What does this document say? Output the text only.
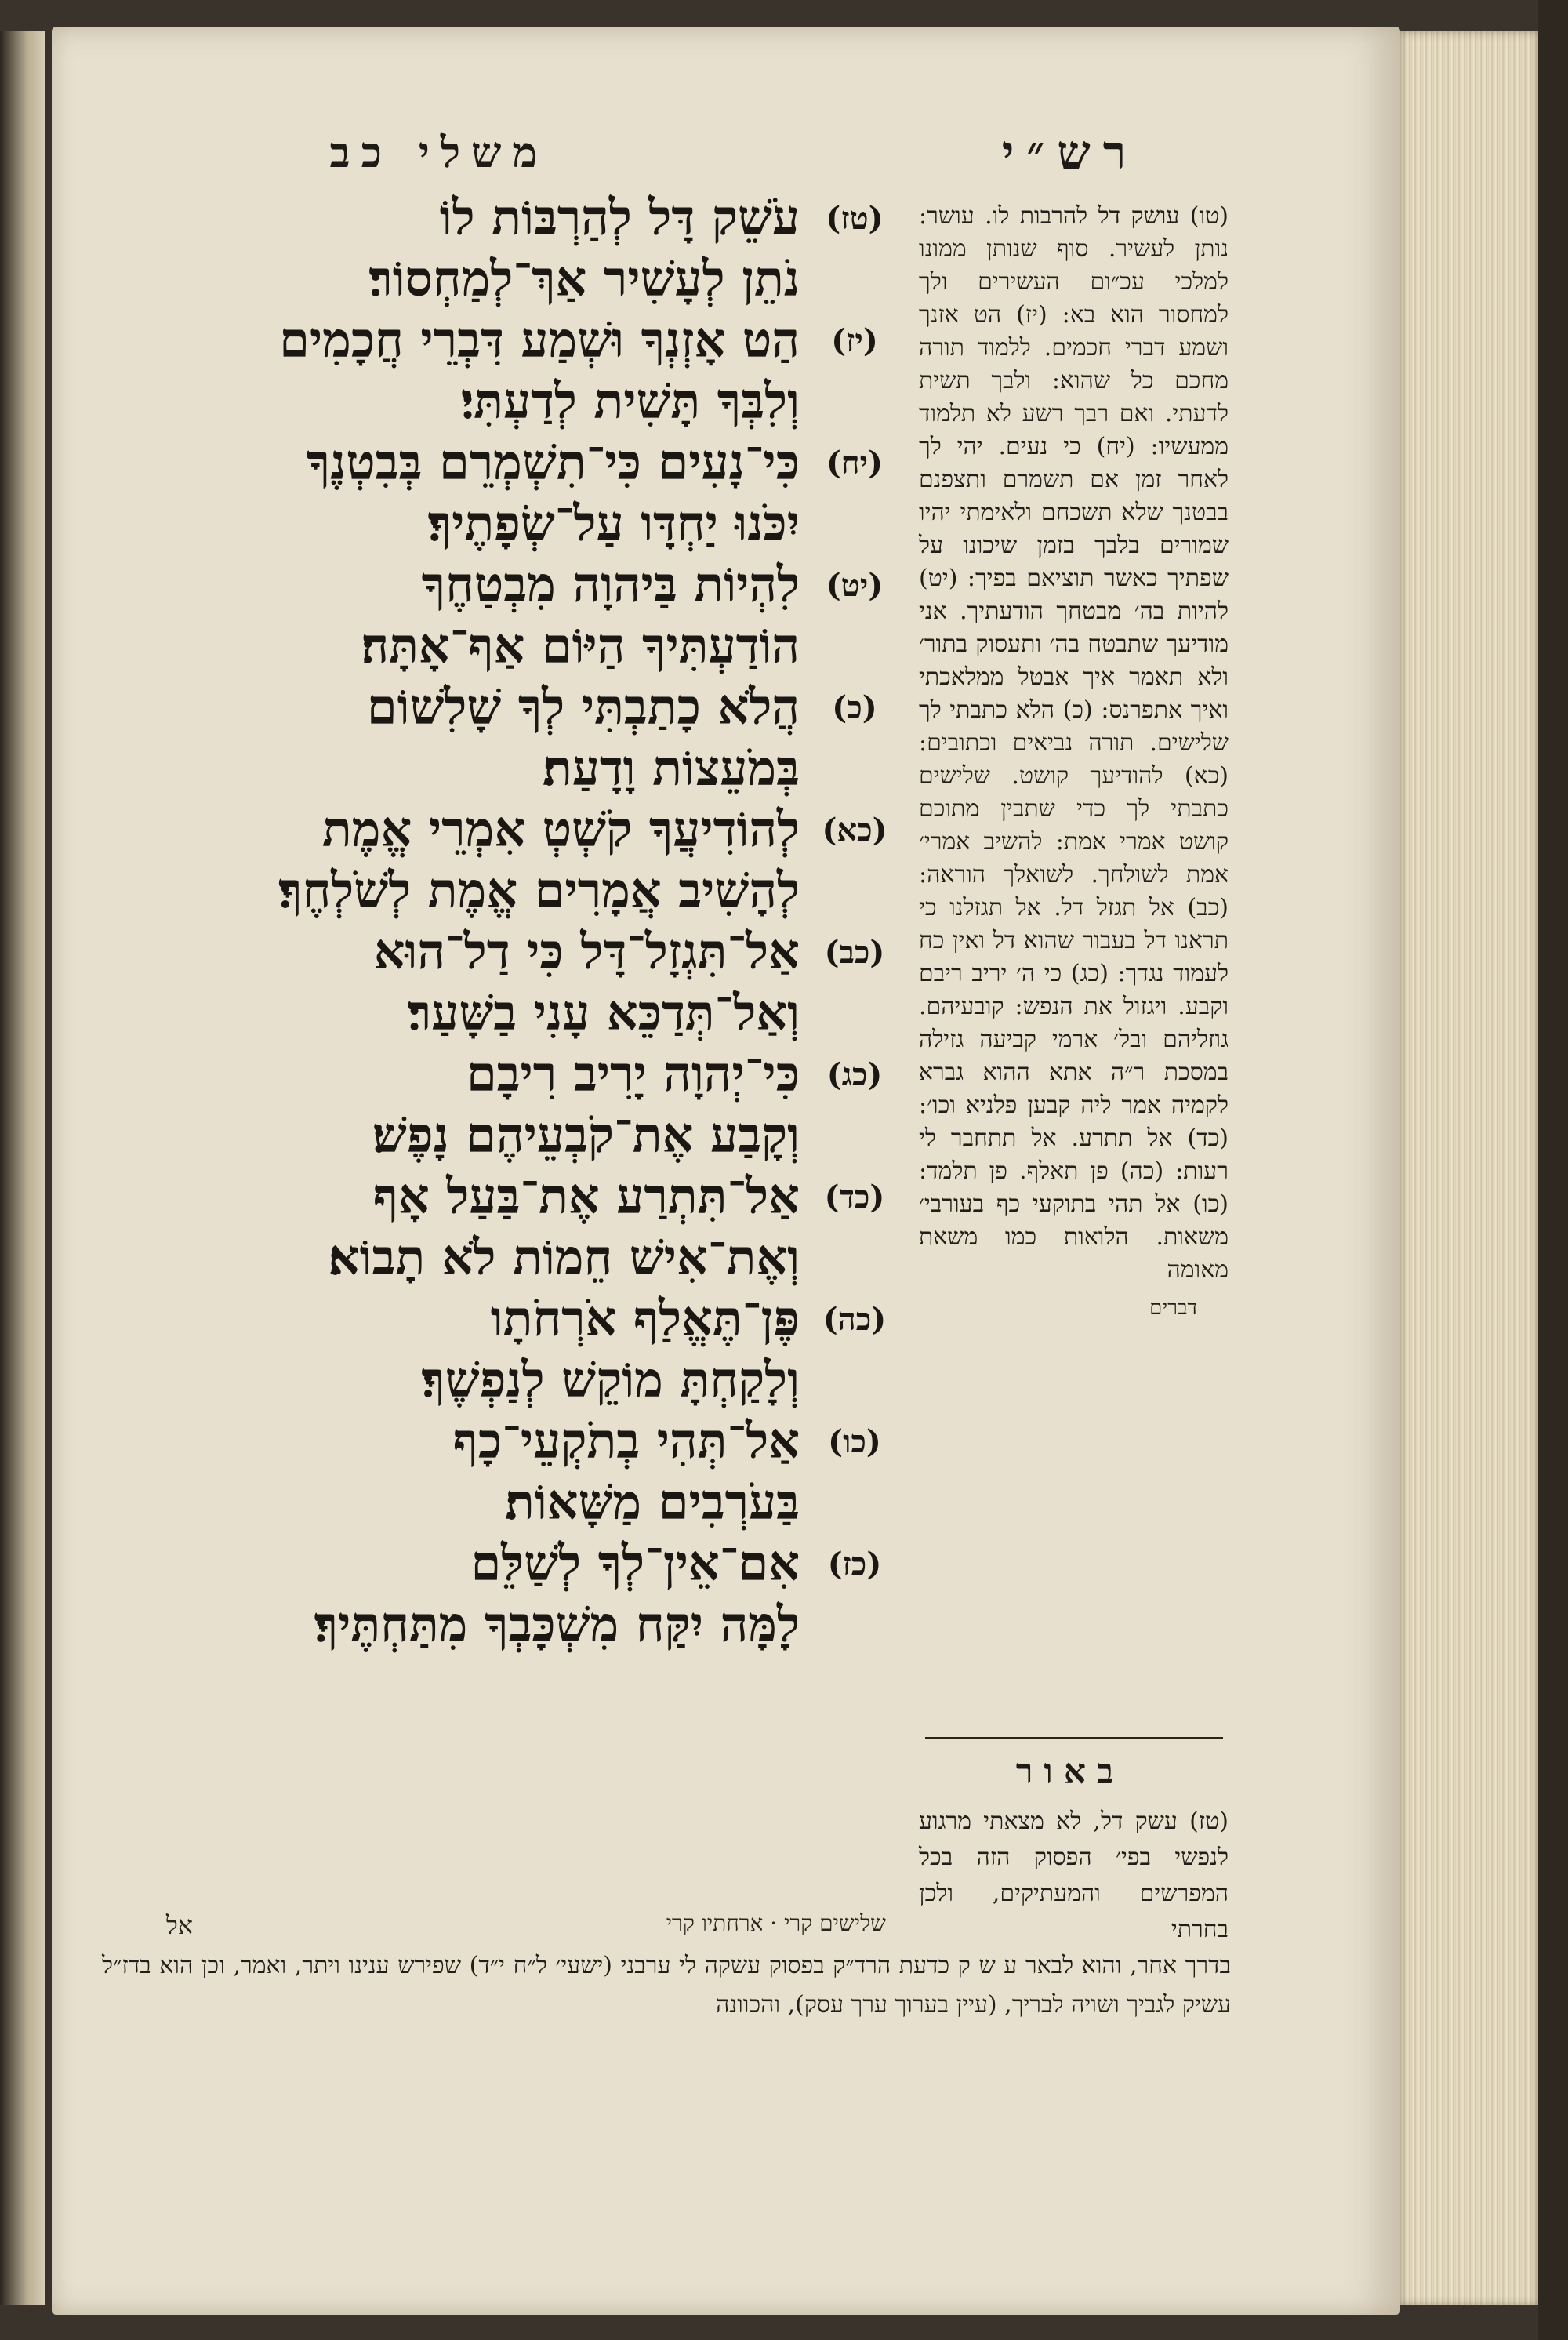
משלי כב	רש״י
(טז)
עֹשֵׁק דָּל לְהַרְבּוֹת לוֹ
נֹתֵן לְעָשִׁיר אַךְ־לְמַחְסוֹר׃
(יז)
הַט אָזְנְךָ וּשְׁמַע דִּבְרֵי חֲכָמִים
וְלִבְּךָ תָּשִׁית לְדַעְתִּי׃
(יח)
כִּי־נָעִים כִּי־תִשְׁמְרֵם בְּבִטְנֶךָ
יִכֹּנוּ יַחְדָּו עַל־שְׂפָתֶיךָ׃
(יט)
לִהְיוֹת בַּיהוָה מִבְטַחֶךָ
הוֹדַעְתִּיךָ הַיּוֹם אַף־אָתָּה׃
(כ)
הֲלֹא כָתַבְתִּי לְךָ שָׁלִשׁוֹם
בְּמֹעֵצוֹת וָדָעַת׃
(כא)
לְהוֹדִיעֲךָ קֹשְׁטְ אִמְרֵי אֱמֶת
לְהָשִׁיב אֲמָרִים אֱמֶת לְשֹׁלְחֶךָ׃
(כב)
אַל־תִּגְזָל־דָּל כִּי דַל־הוּא
וְאַל־תְּדַכֵּא עָנִי בַשָּׁעַר׃
(כג)
כִּי־יְהוָה יָרִיב רִיבָם
וְקָבַע אֶת־קֹבְעֵיהֶם נָפֶשׁ׃
(כד)
אַל־תִּתְרַע אֶת־בַּעַל אָף
וְאֶת־אִישׁ חֵמוֹת לֹא תָבוֹא׃
(כה)
פֶּן־תֶּאֱלַף אֹרְחֹתָו
וְלָקַחְתָּ מוֹקֵשׁ לְנַפְשֶׁךָ׃
(כו)
אַל־תְּהִי בְתֹקְעֵי־כָף
בַּעֹרְבִים מַשָּׁאוֹת׃
(כז)
אִם־אֵין־לְךָ לְשַׁלֵּם
לָמָּה יִקַּח מִשְׁכָּבְךָ מִתַּחְתֶּיךָ׃

(טו) עושק דל להרבות לו. עושר: נותן לעשיר. סוף שנותן ממונו למלכי עכ״ום העשירים ולך למחסור הוא בא: (יז) הט אזנך ושמע דברי חכמים. ללמוד תורה מחכם כל שהוא: ולבך תשית לדעתי. ואם רבך רשע לא תלמוד ממעשיו: (יח) כי נעים. יהי לך לאחר זמן אם תשמרם ותצפנם בבטנך שלא תשכחם ולאימתי יהיו שמורים בלבך בזמן שיכונו על שפתיך כאשר תוציאם בפיך: (יט) להיות בה׳ מבטחך הודעתיך. אני מודיעך שתבטח בה׳ ותעסוק בתור׳ ולא תאמר איך אבטל ממלאכתי ואיך אתפרנס: (כ) הלא כתבתי לך שלישים. תורה נביאים וכתובים: (כא) להודיעך קושט. שלישים כתבתי לך כדי שתבין מתוכם קושט אמרי אמת: להשיב אמרי׳ אמת לשולחך. לשואלך הוראה: (כב) אל תגזל דל. אל תגזלנו כי תראנו דל בעבור שהוא דל ואין כח לעמוד נגדך: (כג) כי ה׳ יריב ריבם וקבע. ויגזול את הנפש: קובעיהם. גוזליהם ובל׳ ארמי קביעה גזילה במסכת ר״ה אתא ההוא גברא לקמיה אמר ליה קבען פלניא וכו׳: (כד) אל תתרע. אל תתחבר לי רעות: (כה) פן תאלף. פן תלמד: (כו) אל תהי בתוקעי כף בעורבי׳ משאות. הלואות כמו משאת מאומה

דברים
באור
(טז) עשק דל, לא מצאתי מרגוע לנפשי בפי׳ הפסוק הזה בכל המפרשים והמעתיקים, ולכן בחרתי
שלישים קרי · ארחתיו קרי
אל
בדרך אחר, והוא לבאר ע ש ק כדעת הרד״ק בפסוק עשקה לי ערבני (ישעי׳ ל״ח י״ד) שפירש ענינו ויתר, ואמר, וכן הוא בדז״ל עשיק לגביך ושויה לבריך, (עיין בערוך ערך עסק), והכוונה
